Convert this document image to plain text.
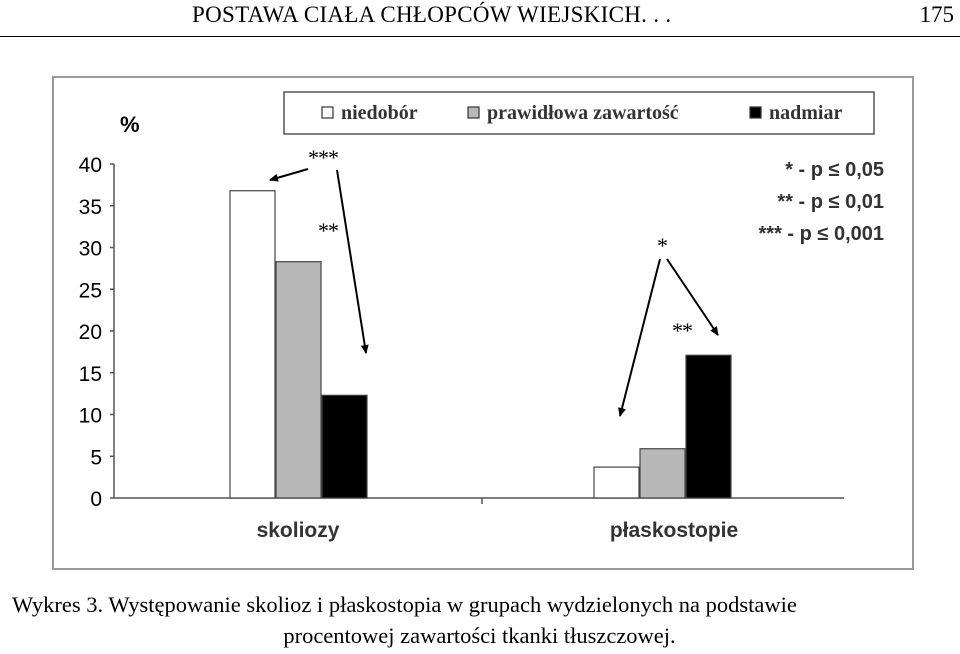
POSTAWA CIAŁA CHŁOPCÓW WIEJSKICH. . .	175
niedobór	prawidłowa zawartość	nadmiar
%
0
5
10
15
20
25
30
35
40
skoliozy	płaskostopie
* - p ≤ 0,05
** - p ≤ 0,01
*** - p ≤ 0,001
***
**
*
**
Wykres 3. Występowanie skolioz i płaskostopia w grupach wydzielonych na podstawie
procentowej zawartości tkanki tłuszczowej.
